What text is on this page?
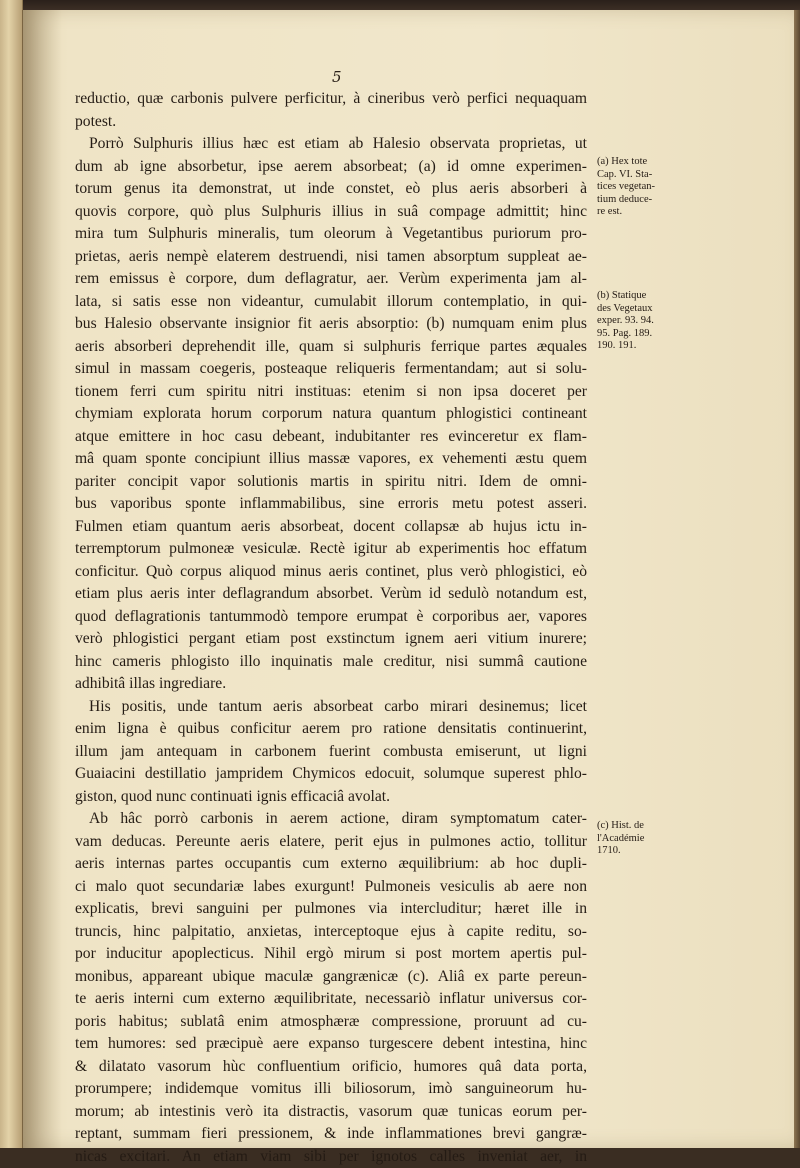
5
reductio, quæ carbonis pulvere perficitur, à cineribus verò perfici nequaquam
potest.
Porrò Sulphuris illius hæc est etiam ab Halesio observata proprietas, ut
dum ab igne absorbetur, ipse aerem absorbeat; (a) id omne experimen-
torum genus ita demonstrat, ut inde constet, eò plus aeris absorberi à
quovis corpore, quò plus Sulphuris illius in suâ compage admittit; hinc
mira tum Sulphuris mineralis, tum oleorum à Vegetantibus puriorum pro-
prietas, aeris nempè elaterem destruendi, nisi tamen absorptum suppleat ae-
rem emissus è corpore, dum deflagratur, aer. Verùm experimenta jam al-
lata, si satis esse non videantur, cumulabit illorum contemplatio, in qui-
bus Halesio observante insignior fit aeris absorptio: (b) numquam enim plus
aeris absorberi deprehendit ille, quam si sulphuris ferrique partes æquales
simul in massam coegeris, posteaque reliqueris fermentandam; aut si solu-
tionem ferri cum spiritu nitri instituas: etenim si non ipsa doceret per
chymiam explorata horum corporum natura quantum phlogistici contineant
atque emittere in hoc casu debeant, indubitanter res evinceretur ex flam-
mâ quam sponte concipiunt illius massæ vapores, ex vehementi æstu quem
pariter concipit vapor solutionis martis in spiritu nitri. Idem de omni-
bus vaporibus sponte inflammabilibus, sine erroris metu potest asseri.
Fulmen etiam quantum aeris absorbeat, docent collapsæ ab hujus ictu in-
terremptorum pulmoneæ vesiculæ. Rectè igitur ab experimentis hoc effatum
conficitur. Quò corpus aliquod minus aeris continet, plus verò phlogistici, eò
etiam plus aeris inter deflagrandum absorbet. Verùm id sedulò notandum est,
quod deflagrationis tantummodò tempore erumpat è corporibus aer, vapores
verò phlogistici pergant etiam post exstinctum ignem aeri vitium inurere;
hinc cameris phlogisto illo inquinatis male creditur, nisi summâ cautione
adhibitâ illas ingrediare.
His positis, unde tantum aeris absorbeat carbo mirari desinemus; licet
enim ligna è quibus conficitur aerem pro ratione densitatis continuerint,
illum jam antequam in carbonem fuerint combusta emiserunt, ut ligni
Guaiacini destillatio jampridem Chymicos edocuit, solumque superest phlo-
giston, quod nunc continuati ignis efficaciâ avolat.
Ab hâc porrò carbonis in aerem actione, diram symptomatum cater-
vam deducas. Pereunte aeris elatere, perit ejus in pulmones actio, tollitur
aeris internas partes occupantis cum externo æquilibrium: ab hoc dupli-
ci malo quot secundariæ labes exurgunt! Pulmoneis vesiculis ab aere non
explicatis, brevi sanguini per pulmones via intercluditur; hæret ille in
truncis, hinc palpitatio, anxietas, interceptoque ejus à capite reditu, so-
por inducitur apoplecticus. Nihil ergò mirum si post mortem apertis pul-
monibus, appareant ubique maculæ gangrænicæ (c). Aliâ ex parte pereun-
te aeris interni cum externo æquilibritate, necessariò inflatur universus cor-
poris habitus; sublatâ enim atmosphæræ compressione, proruunt ad cu-
tem humores: sed præcipuè aere expanso turgescere debent intestina, hinc
& dilatato vasorum hùc confluentium orificio, humores quâ data porta,
prorumpere; indidemque vomitus illi biliosorum, imò sanguineorum hu-
morum; ab intestinis verò ita distractis, vasorum quæ tunicas eorum per-
reptant, summam fieri pressionem, & inde inflammationes brevi gangræ-
nicas excitari. An etiam viam sibi per ignotos calles inveniat aer, in
(a) Hex tote
Cap. VI. Sta-
tices vegetan-
tium deduce-
re est.
(b) Statique
des Vegetaux
exper. 93. 94.
95. Pag. 189.
190. 191.
(c) Hist. de
l'Académie
1710.
